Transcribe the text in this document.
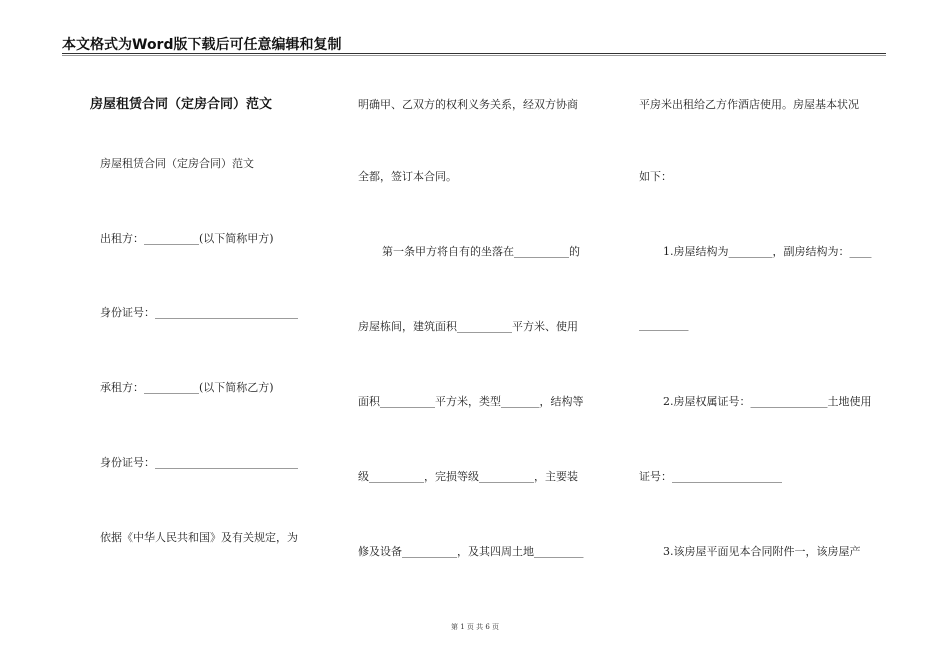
本文格式为Word版下载后可任意编辑和复制
房屋租赁合同（定房合同）范文
房屋租赁合同（定房合同）范文
出租方：__________(以下简称甲方)
身份证号：__________________________
承租方：__________(以下简称乙方)
身份证号：__________________________
依据《中华人民共和国》及有关规定，为
明确甲、乙双方的权利义务关系，经双方协商
全都，签订本合同。
第一条甲方将自有的坐落在__________的
房屋栋间，建筑面积__________平方米、使用
面积__________平方米，类型_______，结构等
级__________，完损等级__________，主要装
修及设备__________，及其四周土地_________
平房米出租给乙方作酒店使用。房屋基本状况
如下：
1.房屋结构为________，副房结构为：____
_________
2.房屋权属证号：______________土地使用
证号：____________________
3.该房屋平面见本合同附件一，该房屋产
第 1 页 共 6 页
